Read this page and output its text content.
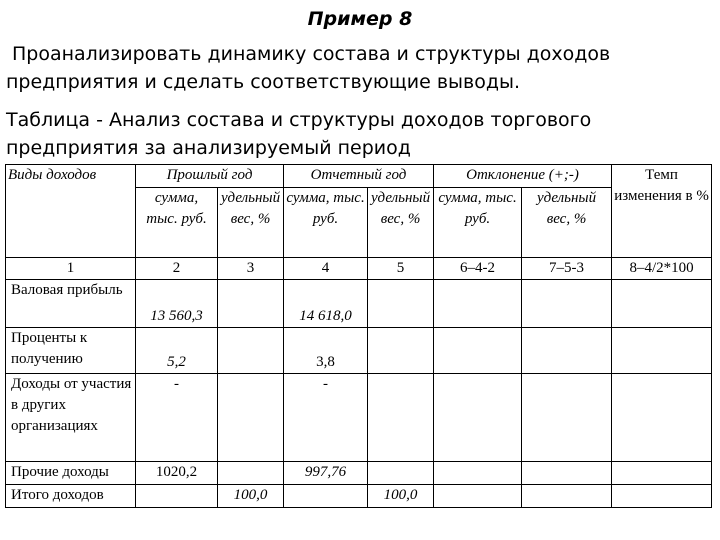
Пример 8
Проанализировать динамику состава и структуры доходов
предприятия и сделать соответствующие выводы.
Таблица - Анализ состава и структуры доходов торгового
предприятия за анализируемый период
Виды доходов	Прошлый год		Отчетный год		Отклонение (+;-)		Темп изменения в %
	сумма, тыс. руб.	удельный вес, %	сумма, тыс. руб.	удельный вес, %	сумма, тыс. руб.	удельный вес, %	
1	2	3	4	5	6–4-2	7–5-3	8–4/2*100
Валовая прибыль	13 560,3		14 618,0				
Проценты к получению	5,2		3,8				
Доходы от участия в других организациях	-		-				
Прочие доходы	1020,2		997,76				
Итого доходов		100,0		100,0			
